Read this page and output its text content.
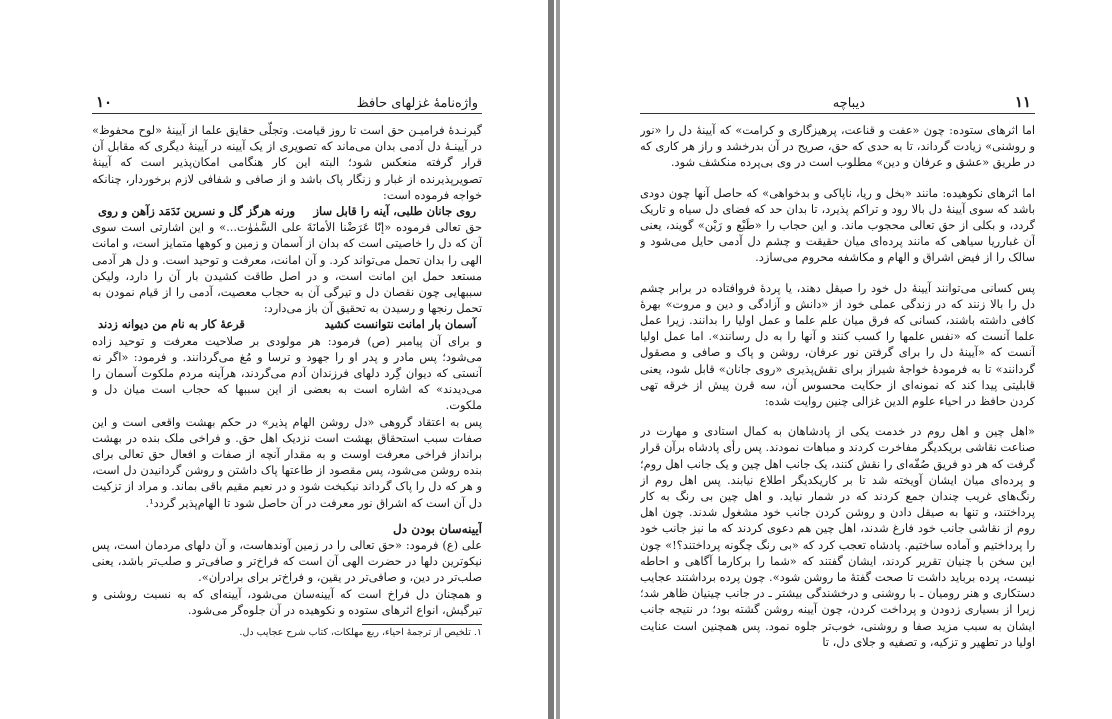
واژه‌نامهٔ غزلهای حافظ
۱۰

گیرنـدهٔ فرامیـن حق است تا روز قیامت. وتجلّی حقایق علما از آیینهٔ «لوح محفوظ» در آیینـهٔ دل آدمی بدان می‌ماند که تصویری از یک آیینه در آیینهٔ دیگری که مقابل آن قرار گرفته منعکس شود؛ البته این کار هنگامی امکان‌پذیر است که آیینهٔ تصویرپذیرنده از غبار و زنگار پاک باشد و از صافی و شفافی لازم برخوردار، چنانکه خواجه فرموده است:

روی جانان طلبی، آینه را قابل ساز
ورنه هرگز گل و نسرین نَدَمَد زآهن و روی

حق تعالی فرموده «إنّا عَرَضْنا الأمانَةَ علی السَّمٰوٰت...» و این اشارتی است سوی آن که دل را خاصیتی است که بدان از آسمان و زمین و کوهها متمایز است، و امانت الهی را بدان تحمل می‌تواند کرد. و آن امانت، معرفت و توحید است. و دل هر آدمی مستعد حمل این امانت است، و در اصل طاقت کشیدن بار آن را دارد، ولیکن سببهایی چون نقصان دل و تیرگی آن به حجاب معصیت، آدمی را از قیام نمودن به تحمل رنجها و رسیدن به تحقیق آن باز می‌دارد:

آسمان بار امانت نتوانست کشید
قرعهٔ کار به نام من دیوانه زدند

و برای آن پیامبر (ص) فرمود: هر مولودی بر صلاحیت معرفت و توحید زاده می‌شود؛ پس مادر و پدر او را جهود و ترسا و مُغ می‌گردانند. و فرمود: «اگر نه آنستی که دیوان گِرد دلهای فرزندان آدم می‌گردند، هرآینه مردم ملکوت آسمان را می‌دیدند» که اشاره است به بعضی از این سببها که حجاب است میان دل و ملکوت.

پس به اعتقاد گروهی «دل روشن الهام پذیر» در حکم بهشت واقعی است و این صفات سبب استحقاق بهشت است نزدیک اهل حق. و فراخی ملک بنده در بهشت برانداز فراخی معرفت اوست و به مقدار آنچه از صفات و افعال حق تعالی برای بنده روشن می‌شود، پس مقصود از طاعتها پاک داشتن و روشن گردانیدن دل است، و هر که دل را پاک گرداند نیکبخت شود و در نعیم مقیم باقی بماند. و مراد از تزکیت دل آن است که اشراق نور معرفت در آن حاصل شود تا الهام‌پذیر گردد¹.

آیینه‌سان بودن دل

علی (ع) فرمود: «حق تعالی را در زمین آوندهاست، و آن دلهای مردمان است، پس نیکوترین دلها در حضرت الهی آن است که فراخ‌تر و صافی‌تر و صلب‌تر باشد، یعنی صلب‌تر در دین، و صافی‌تر در یقین، و فراخ‌تر برای برادران».

و همچنان دل فراخ است که آیینه‌سان می‌شود، آیینه‌ای که به نسبت روشنی و تیرگیش، انواع اثرهای ستوده و نکوهیده در آن جلوه‌گر می‌شود.

۱. تلخیص از ترجمهٔ احیاء، ربع مهلکات، کتاب شرح عجایب دل.
دیباچه	۱۱

اما اثرهای ستوده: چون «عفت و قناعت، پرهیزگاری و کرامت» که آیینهٔ دل را «نور و روشنی» زیادت گرداند، تا به حدی که حق، صریح در آن بدرخشد و راز هر کاری که در طریق «عشق و عرفان و دین» مطلوب است در وی بی‌پرده منکشف شود.

اما اثرهای نکوهیده: مانند «بخل و ریا، ناپاکی و بدخواهی» که حاصل آنها چون دودی باشد که سوی آیینهٔ دل بالا رود و تراکم پذیرد، تا بدان حد که فضای دل سیاه و تاریک گردد، و بکلی از حق تعالی محجوب ماند. و این حجاب را «طَبْع و رَیْن» گویند، یعنی آن غبارریا سیاهی که مانند پرده‌ای میان حقیقت و چشم دل آدمی حایل می‌شود و سالک را از فیض اشراق و الهام و مکاشفه محروم می‌سازد.

پس کسانی می‌توانند آیینهٔ دل خود را صیقل دهند، یا پردهٔ فروافتاده در برابر چشم دل را بالا زنند که در زندگی عملی خود از «دانش و آزادگی و دین و مروت» بهرهٔ کافی داشته باشند، کسانی که فرق میان علم علما و عمل اولیا را بدانند. زیرا عمل علما آنست که «نفس علمها را کسب کنند و آنها را به دل رسانند». اما عمل اولیا آنست که «آیینهٔ دل را برای گرفتن نور عرفان، روشن و پاک و صافی و مصقول گردانند» تا به فرمودهٔ خواجهٔ شیراز برای نقش‌پذیری «روی جانان» قابل شود، یعنی قابلیتی پیدا کند که نمونه‌ای از حکایت محسوس آن، سه قرن پیش از خرقه تهی کردن حافظ در احیاء علوم الدین غزالی چنین روایت شده:

«اهل چین و اهل روم در خدمت یکی از پادشاهان به کمال استادی و مهارت در صناعت نقاشی بریکدیگر مفاخرت کردند و مباهات نمودند. پس رأی پادشاه برآن قرار گرفت که هر دو فریق صُفّه‌ای را نقش کنند، یک جانب اهل چین و یک جانب اهل روم؛ و پرده‌ای میان ایشان آویخته شد تا بر کاریکدیگر اطلاع نیابند. پس اهل روم از رنگ‌های غریب چندان جمع کردند که در شمار نیاید. و اهل چین بی رنگ به کار پرداختند، و تنها به صیقل دادن و روشن کردن جانب خود مشغول شدند. چون اهل روم از نقاشی جانب خود فارغ شدند، اهل چین هم دعوی کردند که ما نیز جانب خود را پرداختیم و آماده ساختیم. پادشاه تعجب کرد که «بی رنگ چگونه پرداختند؟!» چون این سخن با چنیان تقریر کردند، ایشان گفتند که «شما را برکارما آگاهی و احاطه نیست، پرده برباید داشت تا صحت گفتهٔ ما روشن شود». چون پرده برداشتند عجایب دستکاری و هنر رومیان ـ با روشنی و درخشندگی بیشتر ـ در جانب چینیان ظاهر شد؛ زیرا از بسیاری زدودن و پرداخت کردن، چون آیینه روشن گشته بود؛ در نتیجه جانب ایشان به سبب مزید صفا و روشنی، خوب‌تر جلوه نمود. پس همچنین است عنایت اولیا در تطهیر و تزکیه، و تصفیه و جلای دل، تا
